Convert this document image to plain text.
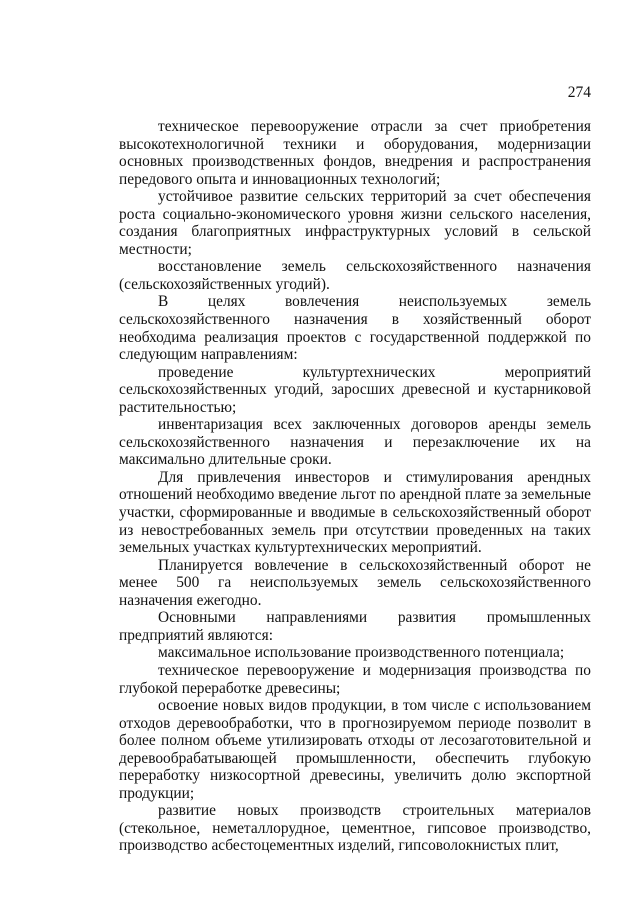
274

техническое перевооружение отрасли за счет приобретения высокотехнологичной техники и оборудования, модернизации основных производственных фондов, внедрения и распространения передового опыта и инновационных технологий;

устойчивое развитие сельских территорий за счет обеспечения роста социально-экономического уровня жизни сельского населения, создания благоприятных инфраструктурных условий в сельской местности;

восстановление земель сельскохозяйственного назначения (сельскохозяйственных угодий).

В целях вовлечения неиспользуемых земель сельскохозяйственного назначения в хозяйственный оборот необходима реализация проектов с государственной поддержкой по следующим направлениям:

проведение культуртехнических мероприятий сельскохозяйственных угодий, заросших древесной и кустарниковой растительностью;

инвентаризация всех заключенных договоров аренды земель сельскохозяйственного назначения и перезаключение их на максимально длительные сроки.

Для привлечения инвесторов и стимулирования арендных отношений необходимо введение льгот по арендной плате за земельные участки, сформированные и вводимые в сельскохозяйственный оборот из невостребованных земель при отсутствии проведенных на таких земельных участках культуртехнических мероприятий.

Планируется вовлечение в сельскохозяйственный оборот не менее 500 га неиспользуемых земель сельскохозяйственного назначения ежегодно.

Основными направлениями развития промышленных предприятий являются:

максимальное использование производственного потенциала;

техническое перевооружение и модернизация производства по глубокой переработке древесины;

освоение новых видов продукции, в том числе с использованием отходов деревообработки, что в прогнозируемом периоде позволит в более полном объеме утилизировать отходы от лесозаготовительной и деревообрабатывающей промышленности, обеспечить глубокую переработку низкосортной древесины, увеличить долю экспортной продукции;

развитие новых производств строительных материалов (стекольное, неметаллорудное, цементное, гипсовое производство, производство асбестоцементных изделий, гипсоволокнистых плит,
